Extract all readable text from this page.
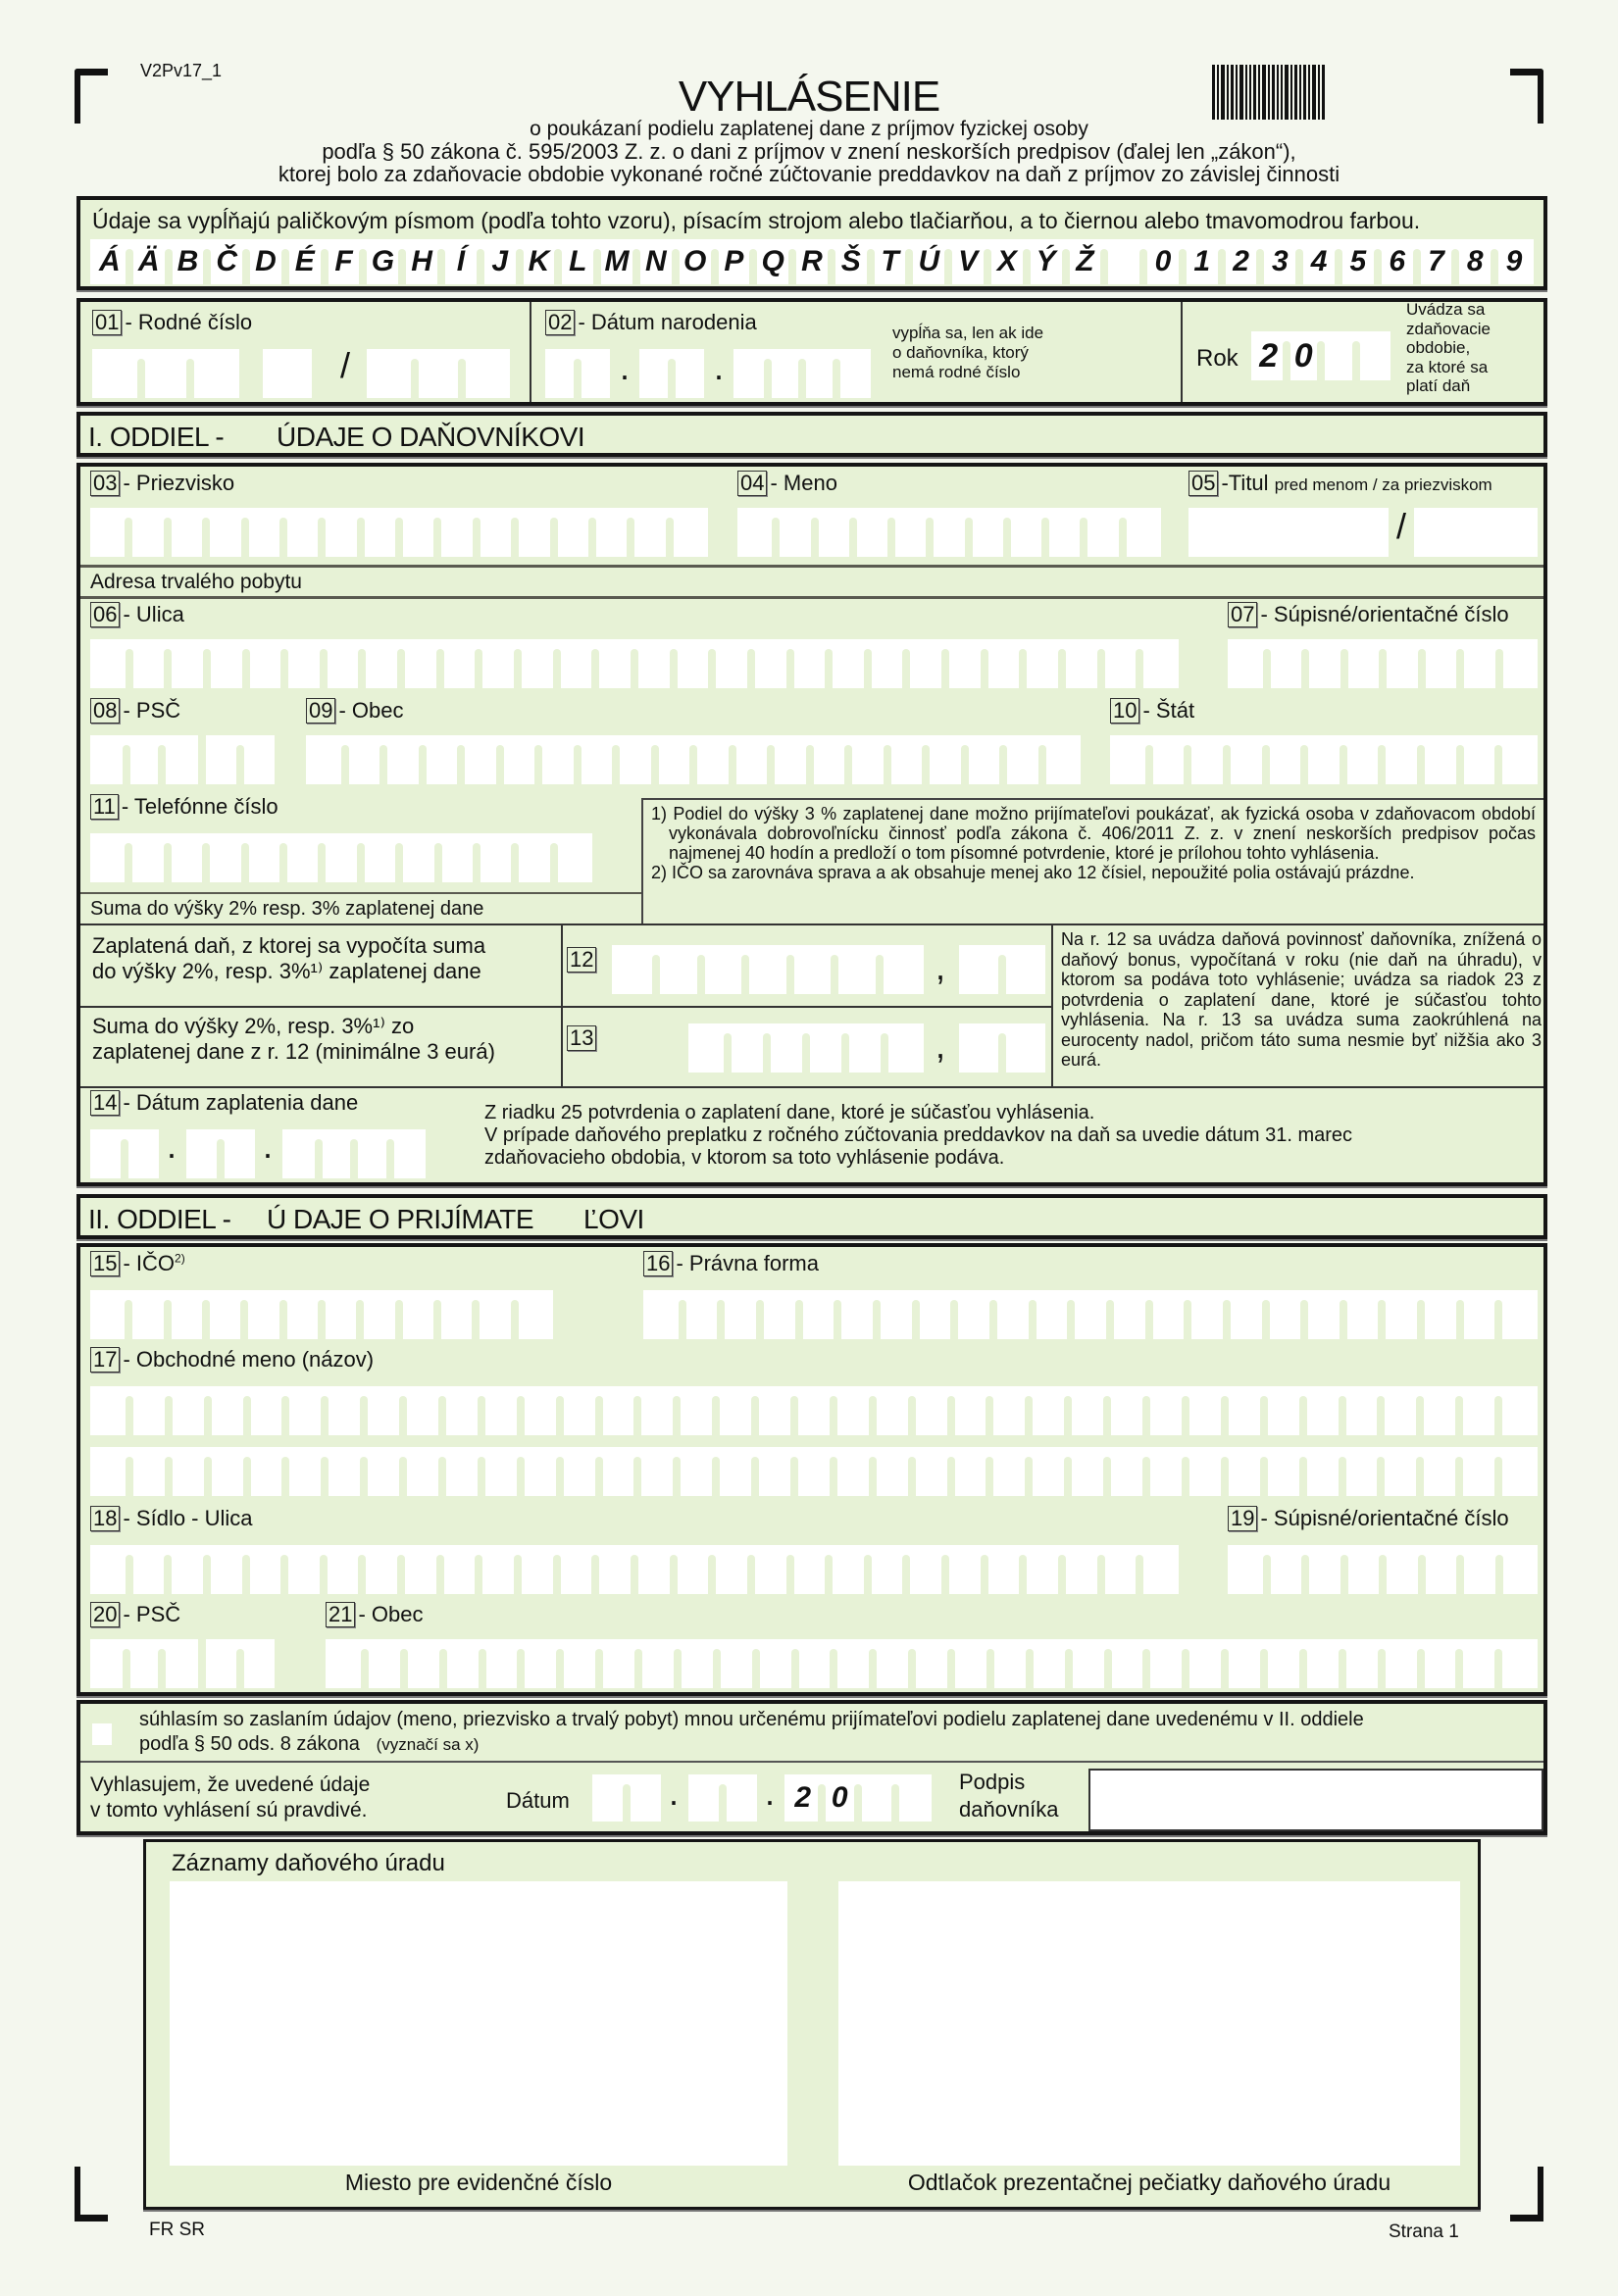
V2Pv17_1
VYHLÁSENIE
o poukázaní podielu zaplatenej dane z príjmov fyzickej osoby
podľa § 50 zákona č. 595/2003 Z. z. o dani z príjmov v znení neskorších predpisov (ďalej len „zákon“),
ktorej bolo za zdaňovacie obdobie vykonané ročné zúčtovanie preddavkov na daň z príjmov zo závislej činnosti
Údaje sa vypĺňajú paličkovým písmom (podľa tohto vzoru), písacím strojom alebo tlačiarňou, a to čiernou alebo tmavomodrou farbou.
Á Ä B Č D É F G H Í J K L M N O P Q R Š T Ú V X Ý Ž	0 1 2 3 4 5 6 7 8 9
01 - Rodné číslo
/
02 - Dátum narodenia
. .
vypĺňa sa, len ak ide
o daňovníka, ktorý
nemá rodné číslo
Rok 2 0
Uvádza sa
zdaňovacie
obdobie,
za ktoré sa
platí daň
I. ODDIEL - ÚDAJE O DAŇOVNÍKOVI
03 - Priezvisko	04 - Meno	05 -Titul pred menom / za priezviskom
/
Adresa trvalého pobytu
06 - Ulica	07 - Súpisné/orientačné číslo
08 - PSČ	09 - Obec	10 - Štát
11 - Telefónne číslo	1) Podiel do výšky 3 % zaplatenej dane možno prijímateľovi poukázať, ak fyzická osoba v zdaňovacom období vykonávala dobrovoľnícku činnosť podľa zákona č. 406/2011 Z. z. v znení neskorších predpisov počas najmenej 40 hodín a predloží o tom písomné potvrdenie, ktoré je prílohou tohto vyhlásenia.
2) IČO sa zarovnáva sprava a ak obsahuje menej ako 12 čísiel, nepoužité polia ostávajú prázdne.
Suma do výšky 2% resp. 3% zaplatenej dane
Zaplatená daň, z ktorej sa vypočíta suma
do výšky 2%, resp. 3%¹⁾ zaplatenej dane	12	,
Na r. 12 sa uvádza daňová povinnosť daňovníka, znížená o daňový bonus, vypočítaná v roku (nie daň na úhradu), v ktorom sa podáva toto vyhlásenie; uvádza sa riadok 23 z potvrdenia o zaplatení dane, ktoré je súčasťou tohto vyhlásenia. Na r. 13 sa uvádza suma zaokrúhlená na eurocenty nadol, pričom táto suma nesmie byť nižšia ako 3 eurá.
Suma do výšky 2%, resp. 3%¹⁾ zo
zaplatenej dane z r. 12 (minimálne 3 eurá)
13	,
14 - Dátum zaplatenia dane
. .
Z riadku 25 potvrdenia o zaplatení dane, ktoré je súčasťou vyhlásenia.
V prípade daňového preplatku z ročného zúčtovania preddavkov na daň sa uvedie dátum 31. marec
zdaňovacieho obdobia, v ktorom sa toto vyhlásenie podáva.
II. ODDIEL - Ú DAJE O PRIJÍMATE       ĽOVI
15 - IČO$^{2)}$	16 - Právna forma
17 - Obchodné meno (názov)
18 - Sídlo - Ulica	19 - Súpisné/orientačné číslo
20 - PSČ	21 - Obec
súhlasím so zaslaním údajov (meno, priezvisko a trvalý pobyt) mnou určenému prijímateľovi podielu zaplatenej dane uvedenému v II. oddiele
podľa § 50 ods. 8 zákona (vyznačí sa x)
Vyhlasujem, že uvedené údaje
v tomto vyhlásení sú pravdivé.	Dátum	. . 2 0	Podpis
daňovníka
Záznamy daňového úradu
Miesto pre evidenčné číslo	Odtlačok prezentačnej pečiatky daňového úradu
FR SR	Strana 1
